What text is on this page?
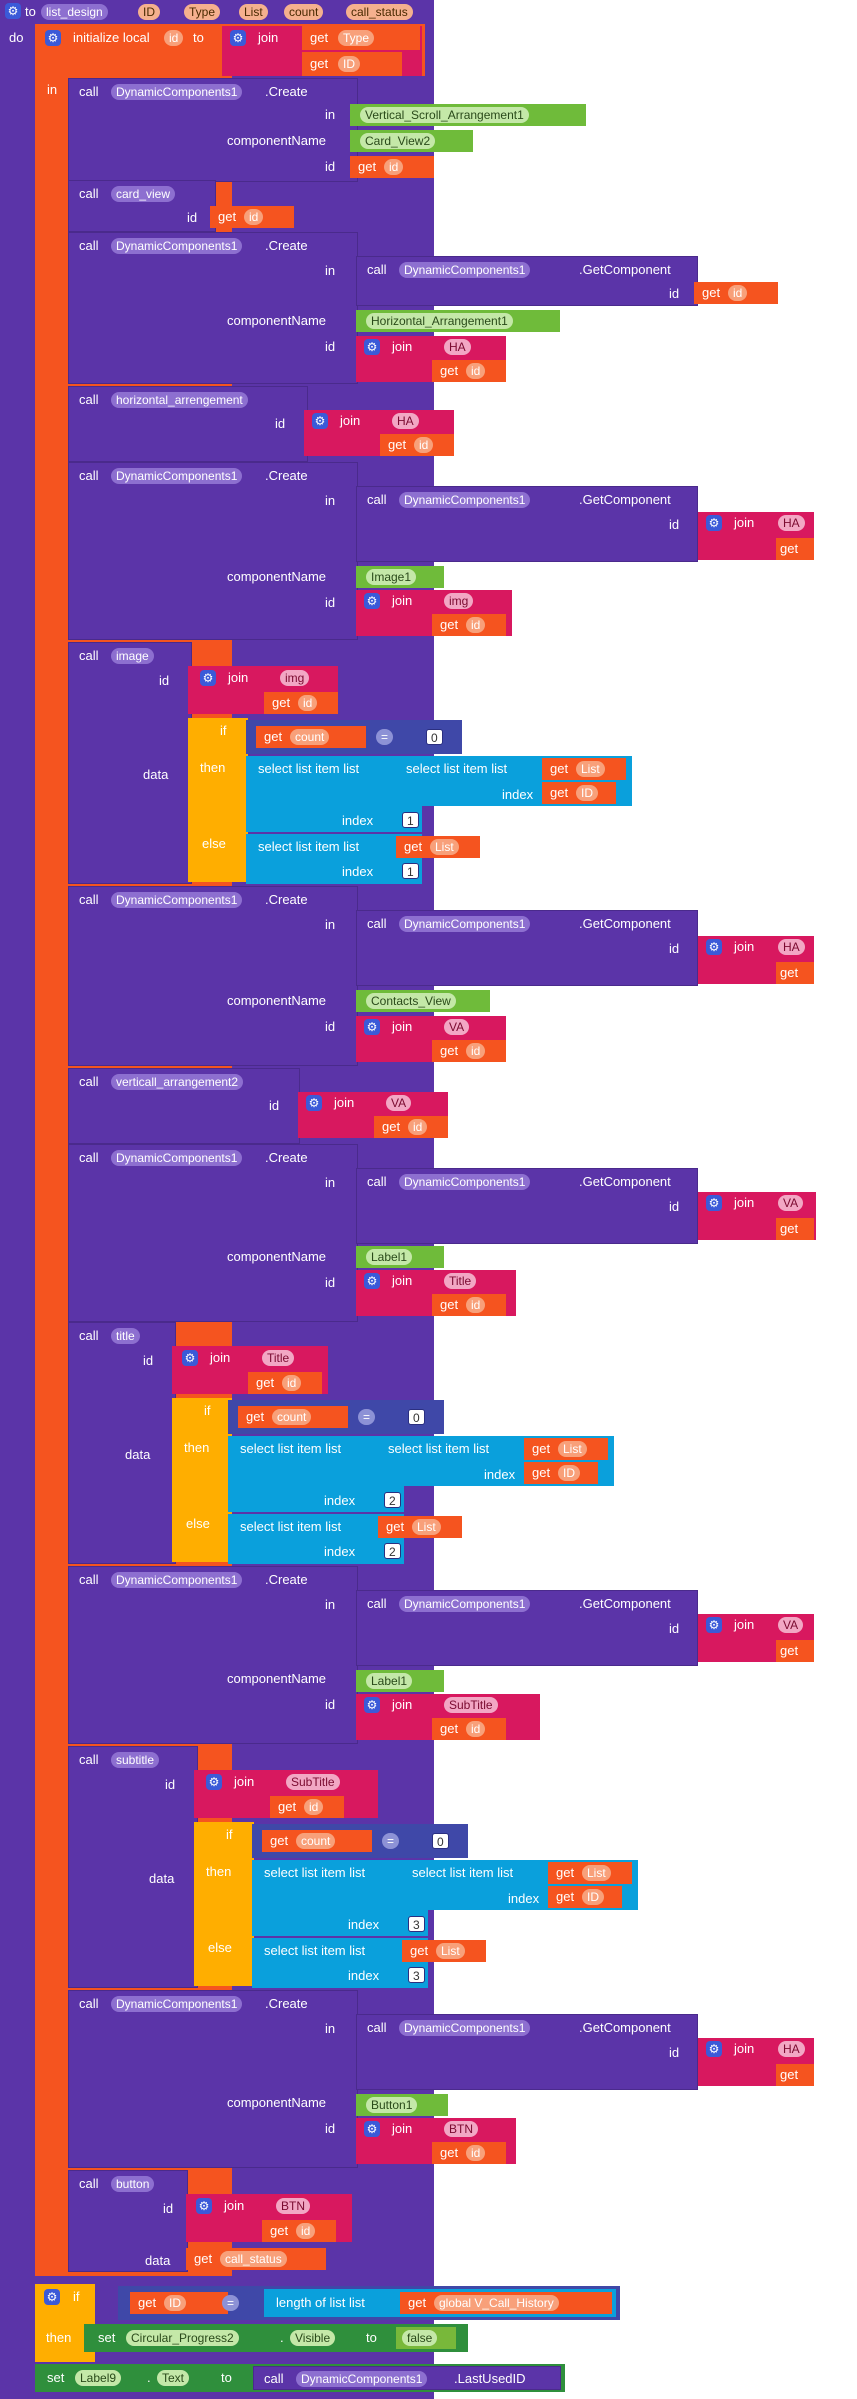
⚙ to list_design	ID	Type	List	count	call_status
do ⚙ initialize local	id	to ⚙ join get	Type
get	ID
in call	DynamicComponents1	.Create
in
componentName
id
Vertical_Scroll_Arrangement1
Card_View2
get	id
call	card_view
id get	id
call	DynamicComponents1	.Create
in
componentName
id
call	DynamicComponents1	.GetComponent
id get	id
Horizontal_Arrangement1
⚙ join	HA
get	id
call	horizontal_arrengement
id ⚙ join	HA
get	id
call	DynamicComponents1	.Create
in
componentName
id
call	DynamicComponents1	.GetComponent
id ⚙ join	HA
get
Image1
⚙ join	img
get	id
call	image
id
data
⚙ join	img
get	id
if
then
else
get	count	=	0
select list item list
index	1
select list item list
index
get	List
get	ID
select list item list
index	1
get	List
call	DynamicComponents1	.Create
in
componentName
id
call	DynamicComponents1	.GetComponent
id ⚙ join	HA
get
Contacts_View
⚙ join	VA
get	id
call	verticall_arrangement2
id ⚙ join	VA
get	id
call	DynamicComponents1	.Create
in
componentName
id
call	DynamicComponents1	.GetComponent
id ⚙ join	VA
get
Label1
⚙ join	Title
get	id
call	title
id
data
⚙ join	Title
get	id
if
then
else
get	count	=	0
select list item list
index	2
select list item list
index
get	List
get	ID
select list item list
index	2
get	List
call	DynamicComponents1	.Create
in
componentName
id
call	DynamicComponents1	.GetComponent
id ⚙ join	VA
get
Label1
⚙ join	SubTitle
get	id
call	subtitle
id
data
⚙ join	SubTitle
get	id
if
then
else
get	count	=	0
select list item list
index	3
select list item list
index
get	List
get	ID
select list item list
index	3
get	List
call	DynamicComponents1	.Create
in
componentName
id
call	DynamicComponents1	.GetComponent
id ⚙ join	HA
get
Button1
⚙ join	BTN
get	id
call	button
id
data
⚙ join	BTN
get	id
get	call_status
⚙ if
then
get	ID	=	length of list list	get	global V_Call_History
set	Circular_Progress2	. Visible	to	false
set	Label9	. Text	to call	DynamicComponents1	.LastUsedID
